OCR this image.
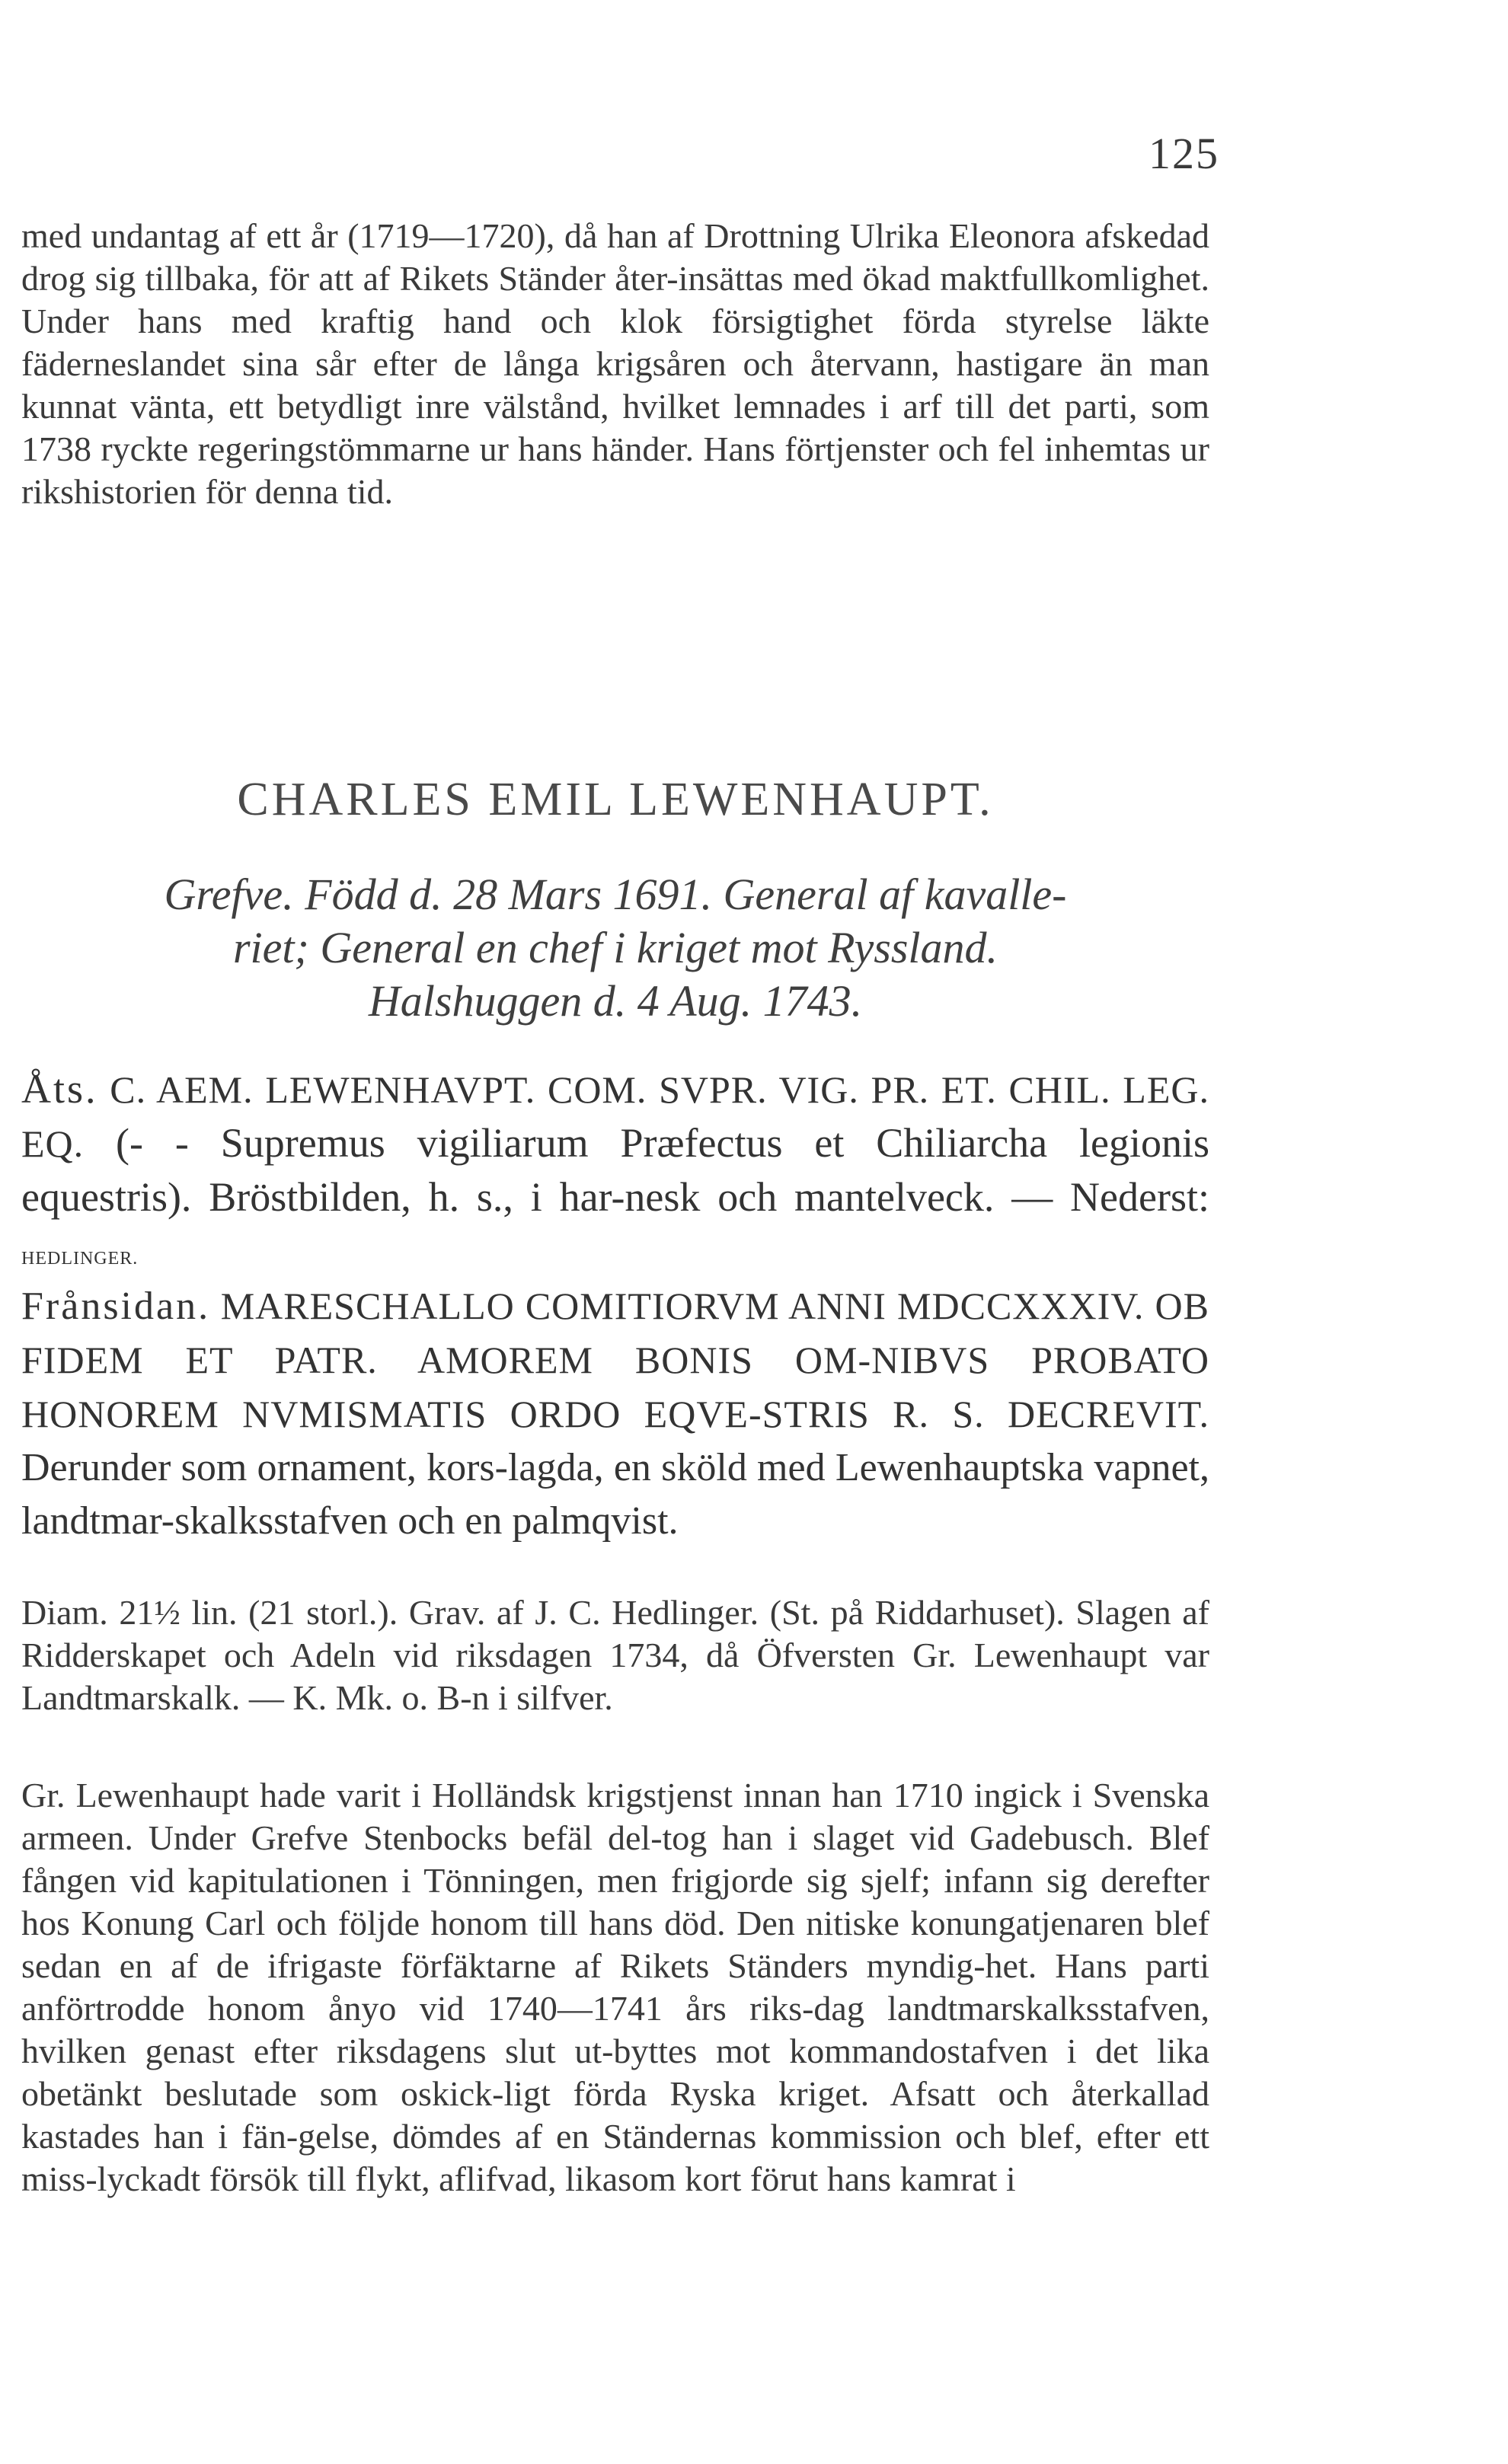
125

med undantag af ett år (1719—1720), då han af Drottning Ulrika Eleonora afskedad drog sig tillbaka, för att af Rikets Ständer åter-insättas med ökad maktfullkomlighet. Under hans med kraftig hand och klok försigtighet förda styrelse läkte fäderneslandet sina sår efter de långa krigsåren och återvann, hastigare än man kunnat vänta, ett betydligt inre välstånd, hvilket lemnades i arf till det parti, som 1738 ryckte regeringstömmarne ur hans händer. Hans förtjenster och fel inhemtas ur rikshistorien för denna tid.

CHARLES EMIL LEWENHAUPT.
Grefve. Född d. 28 Mars 1691. General af kavalle-
riet; General en chef i kriget mot Ryssland.
Halshuggen d. 4 Aug. 1743.

Åts. C. AEM. LEWENHAVPT. COM. SVPR. VIG. PR. ET. CHIL. LEG. EQ. (- - Supremus vigiliarum Præfectus et Chiliarcha legionis equestris). Bröstbilden, h. s., i har-nesk och mantelveck. — Nederst: HEDLINGER.

Frånsidan. MARESCHALLO COMITIORVM ANNI MDCCXXXIV. OB FIDEM ET PATR. AMOREM BONIS OM-NIBVS PROBATO HONOREM NVMISMATIS ORDO EQVE-STRIS R. S. DECREVIT. Derunder som ornament, kors-lagda, en sköld med Lewenhauptska vapnet, landtmar-skalksstafven och en palmqvist.

Diam. 21½ lin. (21 storl.). Grav. af J. C. Hedlinger. (St. på Riddarhuset). Slagen af Ridderskapet och Adeln vid riksdagen 1734, då Öfversten Gr. Lewenhaupt var Landtmarskalk. — K. Mk. o. B-n i silfver.

Gr. Lewenhaupt hade varit i Holländsk krigstjenst innan han 1710 ingick i Svenska armeen. Under Grefve Stenbocks befäl del-tog han i slaget vid Gadebusch. Blef fången vid kapitulationen i Tönningen, men frigjorde sig sjelf; infann sig derefter hos Konung Carl och följde honom till hans död. Den nitiske konungatjenaren blef sedan en af de ifrigaste förfäktarne af Rikets Ständers myndig-het. Hans parti anförtrodde honom ånyo vid 1740—1741 års riks-dag landtmarskalksstafven, hvilken genast efter riksdagens slut ut-byttes mot kommandostafven i det lika obetänkt beslutade som oskick-ligt förda Ryska kriget. Afsatt och återkallad kastades han i fän-gelse, dömdes af en Ständernas kommission och blef, efter ett miss-lyckadt försök till flykt, aflifvad, likasom kort förut hans kamrat i
